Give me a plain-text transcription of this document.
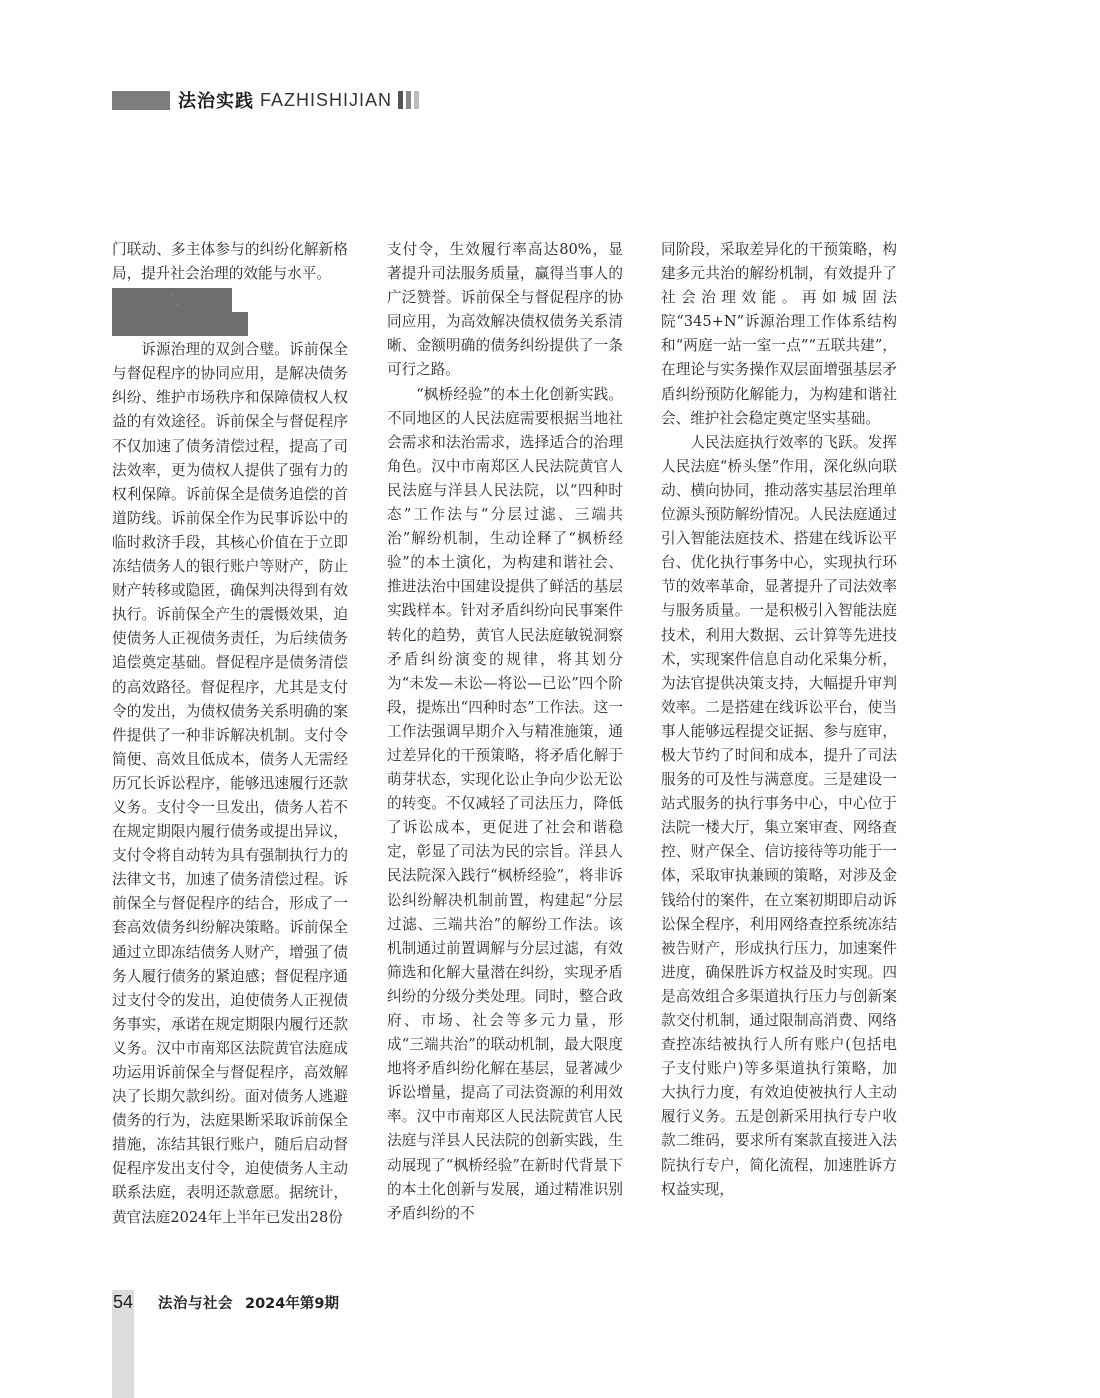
法治实践 FAZHISHIJIAN

门联动、多主体参与的纠纷化解新格局，提升社会治理的效能与水平。

新时代人民法庭
建设的实践与探索

诉源治理的双剑合璧。诉前保全与督促程序的协同应用，是解决债务纠纷、维护市场秩序和保障债权人权益的有效途径。诉前保全与督促程序不仅加速了债务清偿过程，提高了司法效率，更为债权人提供了强有力的权利保障。诉前保全是债务追偿的首道防线。诉前保全作为民事诉讼中的临时救济手段，其核心价值在于立即冻结债务人的银行账户等财产，防止财产转移或隐匿，确保判决得到有效执行。诉前保全产生的震慑效果，迫使债务人正视债务责任，为后续债务追偿奠定基础。督促程序是债务清偿的高效路径。督促程序，尤其是支付令的发出，为债权债务关系明确的案件提供了一种非诉解决机制。支付令简便、高效且低成本，债务人无需经历冗长诉讼程序，能够迅速履行还款义务。支付令一旦发出，债务人若不在规定期限内履行债务或提出异议，支付令将自动转为具有强制执行力的法律文书，加速了债务清偿过程。诉前保全与督促程序的结合，形成了一套高效债务纠纷解决策略。诉前保全通过立即冻结债务人财产，增强了债务人履行债务的紧迫感；督促程序通过支付令的发出，迫使债务人正视债务事实，承诺在规定期限内履行还款义务。汉中市南郑区法院黄官法庭成功运用诉前保全与督促程序，高效解决了长期欠款纠纷。面对债务人逃避债务的行为，法庭果断采取诉前保全措施，冻结其银行账户，随后启动督促程序发出支付令，迫使债务人主动联系法庭，表明还款意愿。据统计，黄官法庭2024年上半年已发出28份

支付令，生效履行率高达80%，显著提升司法服务质量，赢得当事人的广泛赞誉。诉前保全与督促程序的协同应用，为高效解决债权债务关系清晰、金额明确的债务纠纷提供了一条可行之路。

“枫桥经验”的本土化创新实践。不同地区的人民法庭需要根据当地社会需求和法治需求，选择适合的治理角色。汉中市南郑区人民法院黄官人民法庭与洋县人民法院，以“四种时态”工作法与“分层过滤、三端共治”解纷机制，生动诠释了“枫桥经验”的本土演化，为构建和谐社会、推进法治中国建设提供了鲜活的基层实践样本。针对矛盾纠纷向民事案件转化的趋势，黄官人民法庭敏锐洞察矛盾纠纷演变的规律，将其划分为“未发—未讼—将讼—已讼”四个阶段，提炼出“四种时态”工作法。这一工作法强调早期介入与精准施策，通过差异化的干预策略，将矛盾化解于萌芽状态，实现化讼止争向少讼无讼的转变。不仅减轻了司法压力，降低了诉讼成本，更促进了社会和谐稳定，彰显了司法为民的宗旨。洋县人民法院深入践行“枫桥经验”，将非诉讼纠纷解决机制前置，构建起“分层过滤、三端共治”的解纷工作法。该机制通过前置调解与分层过滤，有效筛选和化解大量潜在纠纷，实现矛盾纠纷的分级分类处理。同时，整合政府、市场、社会等多元力量，形成“三端共治”的联动机制，最大限度地将矛盾纠纷化解在基层，显著减少诉讼增量，提高了司法资源的利用效率。汉中市南郑区人民法院黄官人民法庭与洋县人民法院的创新实践，生动展现了“枫桥经验”在新时代背景下的本土化创新与发展，通过精准识别矛盾纠纷的不

同阶段，采取差异化的干预策略，构建多元共治的解纷机制，有效提升了社会治理效能。再如城固法院“345+N”诉源治理工作体系结构和“两庭一站一室一点”“五联共建”，在理论与实务操作双层面增强基层矛盾纠纷预防化解能力，为构建和谐社会、维护社会稳定奠定坚实基础。

人民法庭执行效率的飞跃。发挥人民法庭“桥头堡”作用，深化纵向联动、横向协同，推动落实基层治理单位源头预防解纷情况。人民法庭通过引入智能法庭技术、搭建在线诉讼平台、优化执行事务中心，实现执行环节的效率革命，显著提升了司法效率与服务质量。一是积极引入智能法庭技术，利用大数据、云计算等先进技术，实现案件信息自动化采集分析，为法官提供决策支持，大幅提升审判效率。二是搭建在线诉讼平台，使当事人能够远程提交证据、参与庭审，极大节约了时间和成本，提升了司法服务的可及性与满意度。三是建设一站式服务的执行事务中心，中心位于法院一楼大厅，集立案审查、网络查控、财产保全、信访接待等功能于一体，采取审执兼顾的策略，对涉及金钱给付的案件，在立案初期即启动诉讼保全程序，利用网络查控系统冻结被告财产，形成执行压力，加速案件进度，确保胜诉方权益及时实现。四是高效组合多渠道执行压力与创新案款交付机制，通过限制高消费、网络查控冻结被执行人所有账户(包括电子支付账户)等多渠道执行策略，加大执行力度，有效迫使被执行人主动履行义务。五是创新采用执行专户收款二维码，要求所有案款直接进入法院执行专户，简化流程，加速胜诉方权益实现，

54 法治与社会 2024年第9期
